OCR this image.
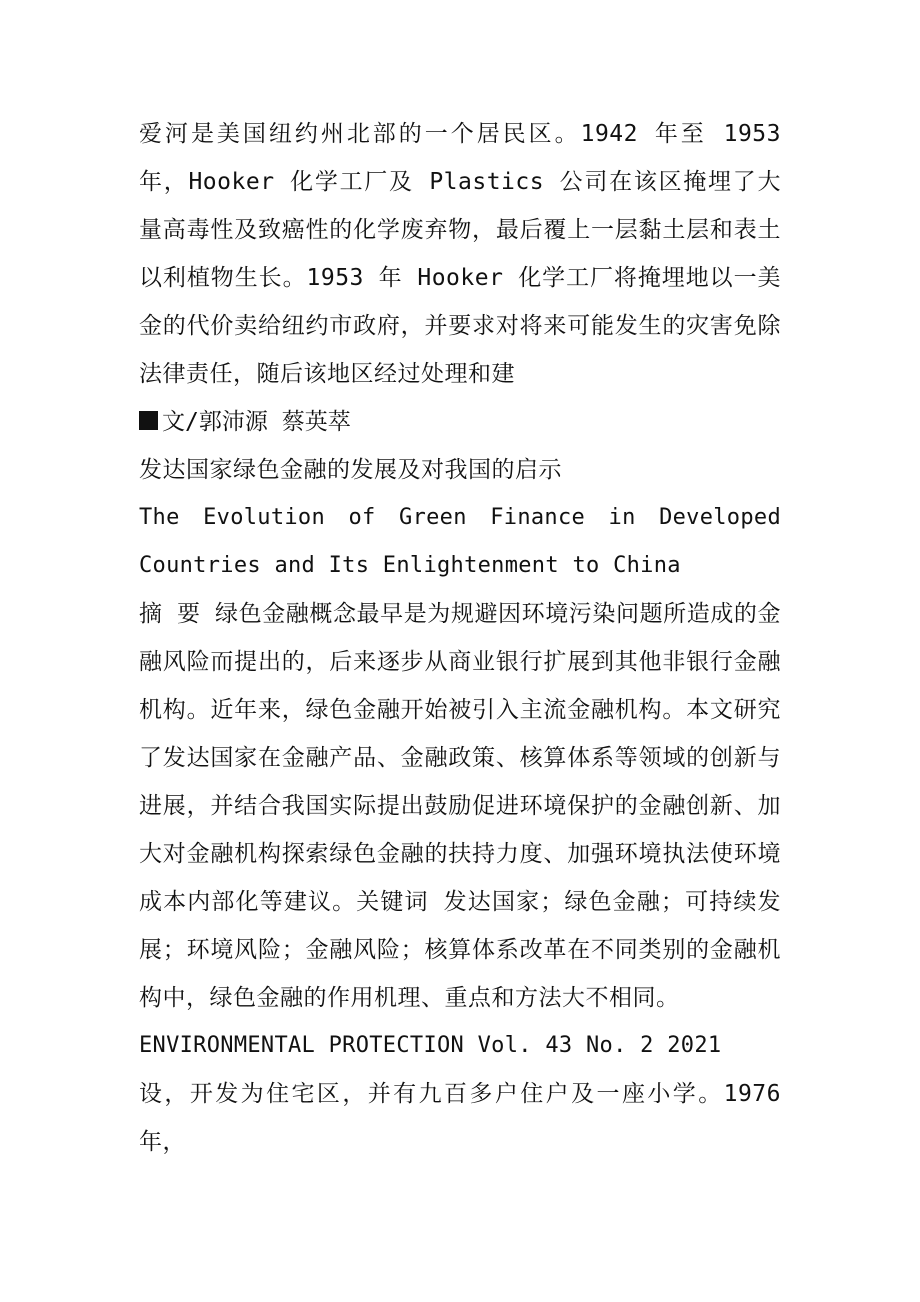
爱河是美国纽约州北部的一个居民区。1942 年至 1953 年，Hooker 化学工厂及 Plastics 公司在该区掩埋了大量高毒性及致癌性的化学废弃物，最后覆上一层黏土层和表土以利植物生长。1953 年 Hooker 化学工厂将掩埋地以一美金的代价卖给纽约市政府，并要求对将来可能发生的灾害免除法律责任，随后该地区经过处理和建

文/郭沛源 蔡英萃

发达国家绿色金融的发展及对我国的启示

The Evolution of Green Finance in Developed Countries and Its Enlightenment to China

摘 要 绿色金融概念最早是为规避因环境污染问题所造成的金融风险而提出的，后来逐步从商业银行扩展到其他非银行金融机构。近年来，绿色金融开始被引入主流金融机构。本文研究了发达国家在金融产品、金融政策、核算体系等领域的创新与进展，并结合我国实际提出鼓励促进环境保护的金融创新、加大对金融机构探索绿色金融的扶持力度、加强环境执法使环境成本内部化等建议。关键词 发达国家；绿色金融；可持续发展；环境风险；金融风险；核算体系改革在不同类别的金融机构中，绿色金融的作用机理、重点和方法大不相同。

ENVIRONMENTAL PROTECTION Vol. 43 No. 2 2021

设，开发为住宅区，并有九百多户住户及一座小学。1976 年，
